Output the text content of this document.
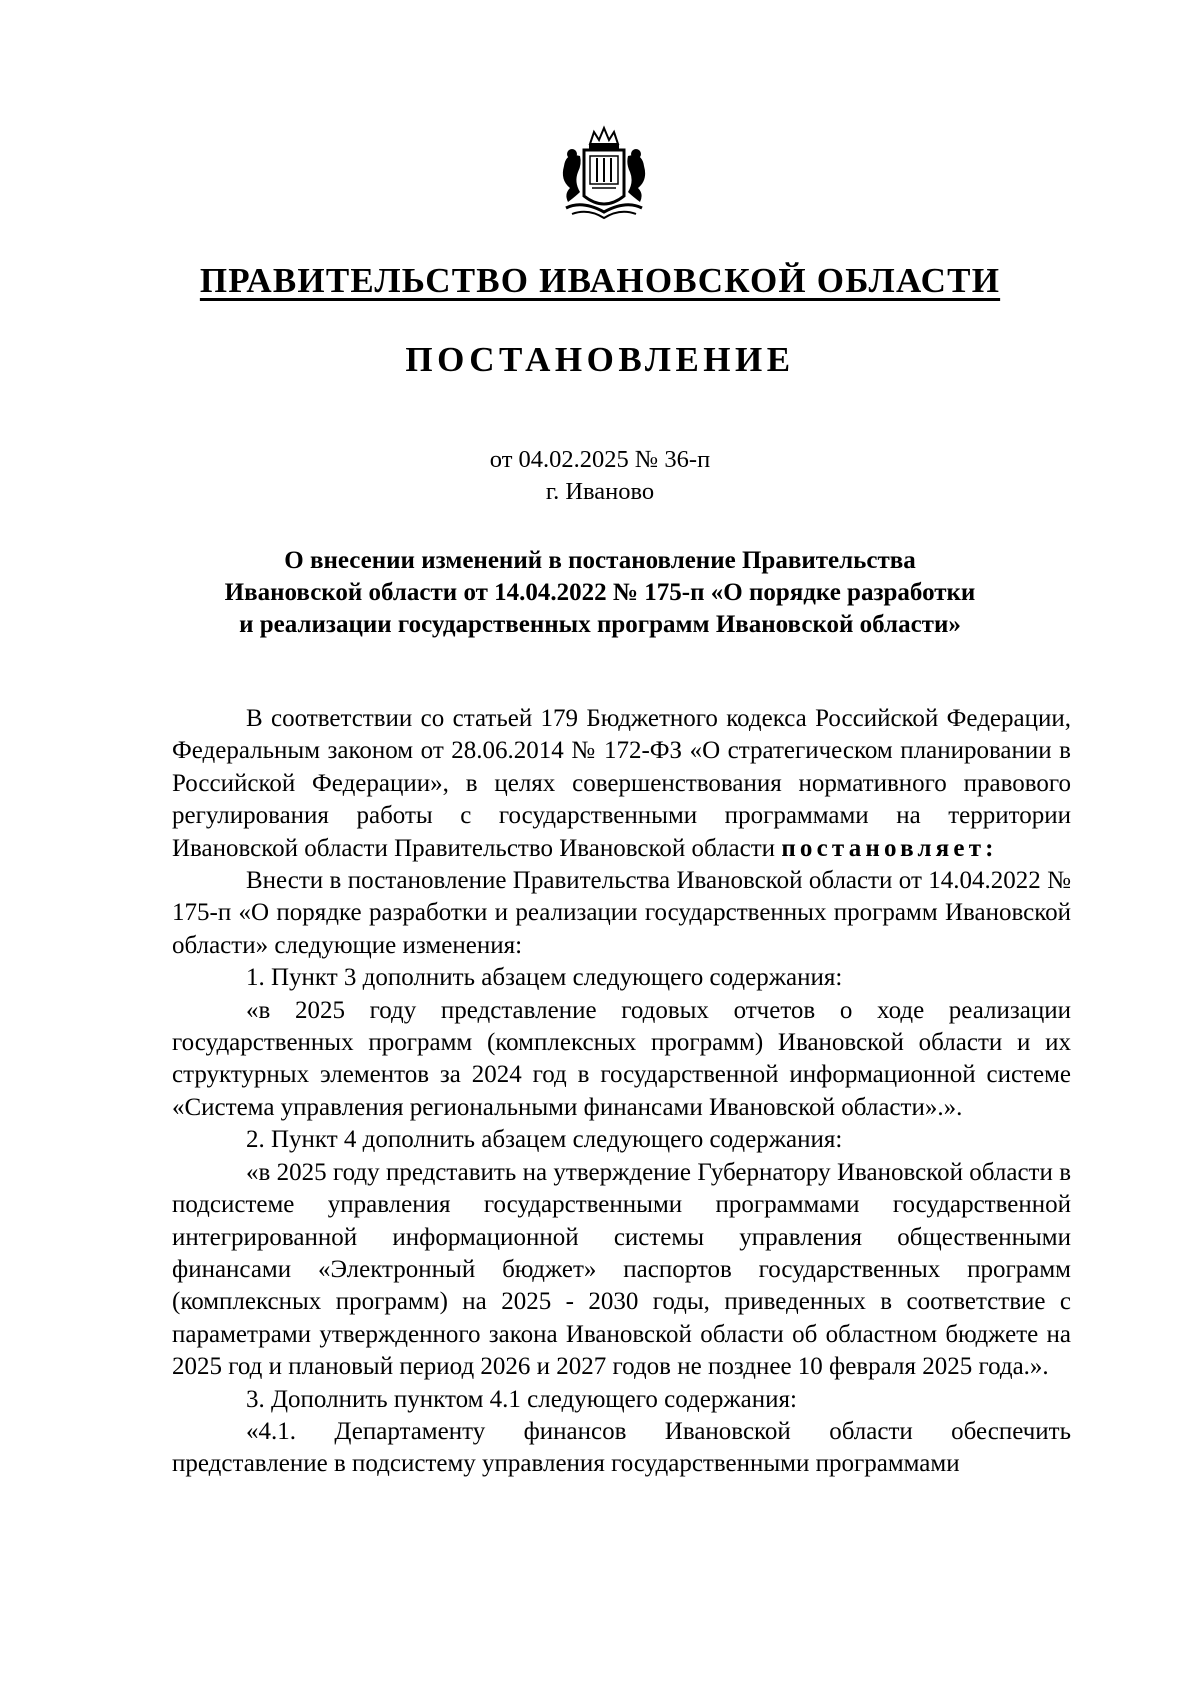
ПРАВИТЕЛЬСТВО ИВАНОВСКОЙ ОБЛАСТИ
ПОСТАНОВЛЕНИЕ
от 04.02.2025 № 36-п
г. Иваново
О внесении изменений в постановление Правительства
Ивановской области от 14.04.2022 № 175-п «О порядке разработки
и реализации государственных программ Ивановской области»

В соответствии со статьей 179 Бюджетного кодекса Российской Федерации, Федеральным законом от 28.06.2014 № 172-ФЗ «О стратегическом планировании в Российской Федерации», в целях совершенствования нормативного правового регулирования работы с государственными программами на территории Ивановской области Правительство Ивановской области постановляет:

Внести в постановление Правительства Ивановской области от 14.04.2022 № 175-п «О порядке разработки и реализации государственных программ Ивановской области» следующие изменения:

1. Пункт 3 дополнить абзацем следующего содержания:

«в 2025 году представление годовых отчетов о ходе реализации государственных программ (комплексных программ) Ивановской области и их структурных элементов за 2024 год в государственной информационной системе «Система управления региональными финансами Ивановской области».».

2. Пункт 4 дополнить абзацем следующего содержания:

«в 2025 году представить на утверждение Губернатору Ивановской области в подсистеме управления государственными программами государственной интегрированной информационной системы управления общественными финансами «Электронный бюджет» паспортов государственных программ (комплексных программ) на 2025 - 2030 годы, приведенных в соответствие с параметрами утвержденного закона Ивановской области об областном бюджете на 2025 год и плановый период 2026 и 2027 годов не позднее 10 февраля 2025 года.».

3. Дополнить пунктом 4.1 следующего содержания:

«4.1. Департаменту финансов Ивановской области обеспечить представление в подсистему управления государственными программами
